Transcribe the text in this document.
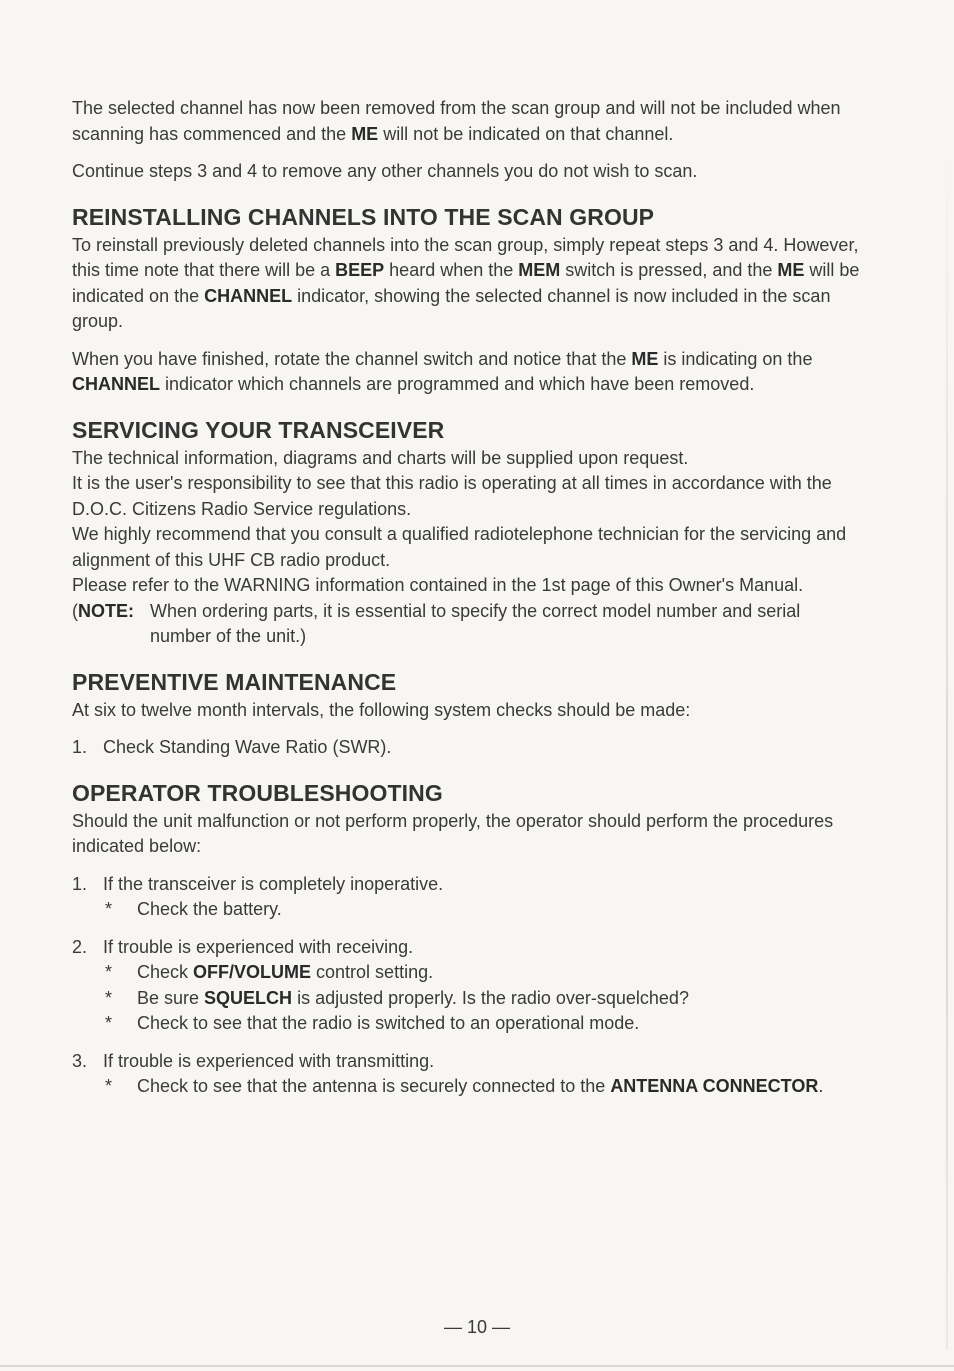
The selected channel has now been removed from the scan group and will not be included when scanning has commenced and the ME will not be indicated on that channel.

Continue steps 3 and 4 to remove any other channels you do not wish to scan.

REINSTALLING CHANNELS INTO THE SCAN GROUP

To reinstall previously deleted channels into the scan group, simply repeat steps 3 and 4. However, this time note that there will be a BEEP heard when the MEM switch is pressed, and the ME will be indicated on the CHANNEL indicator, showing the selected channel is now included in the scan group.

When you have finished, rotate the channel switch and notice that the ME is indicating on the CHANNEL indicator which channels are programmed and which have been removed.

SERVICING YOUR TRANSCEIVER

The technical information, diagrams and charts will be supplied upon request.

It is the user's responsibility to see that this radio is operating at all times in accordance with the D.O.C. Citizens Radio Service regulations.

We highly recommend that you consult a qualified radiotelephone technician for the servicing and alignment of this UHF CB radio product.

Please refer to the WARNING information contained in the 1st page of this Owner's Manual.

(NOTE: When ordering parts, it is essential to specify the correct model number and serial number of the unit.)
PREVENTIVE MAINTENANCE

At six to twelve month intervals, the following system checks should be made:

1. Check Standing Wave Ratio (SWR).
OPERATOR TROUBLESHOOTING

Should the unit malfunction or not perform properly, the operator should perform the procedures indicated below:

1. If the transceiver is completely inoperative.
*	Check the battery.
2. If trouble is experienced with receiving.
*	Check OFF/VOLUME control setting.
*	Be sure SQUELCH is adjusted properly. Is the radio over-squelched?
*	Check to see that the radio is switched to an operational mode.
3. If trouble is experienced with transmitting.
*	Check to see that the antenna is securely connected to the ANTENNA CONNECTOR.
— 10 —
